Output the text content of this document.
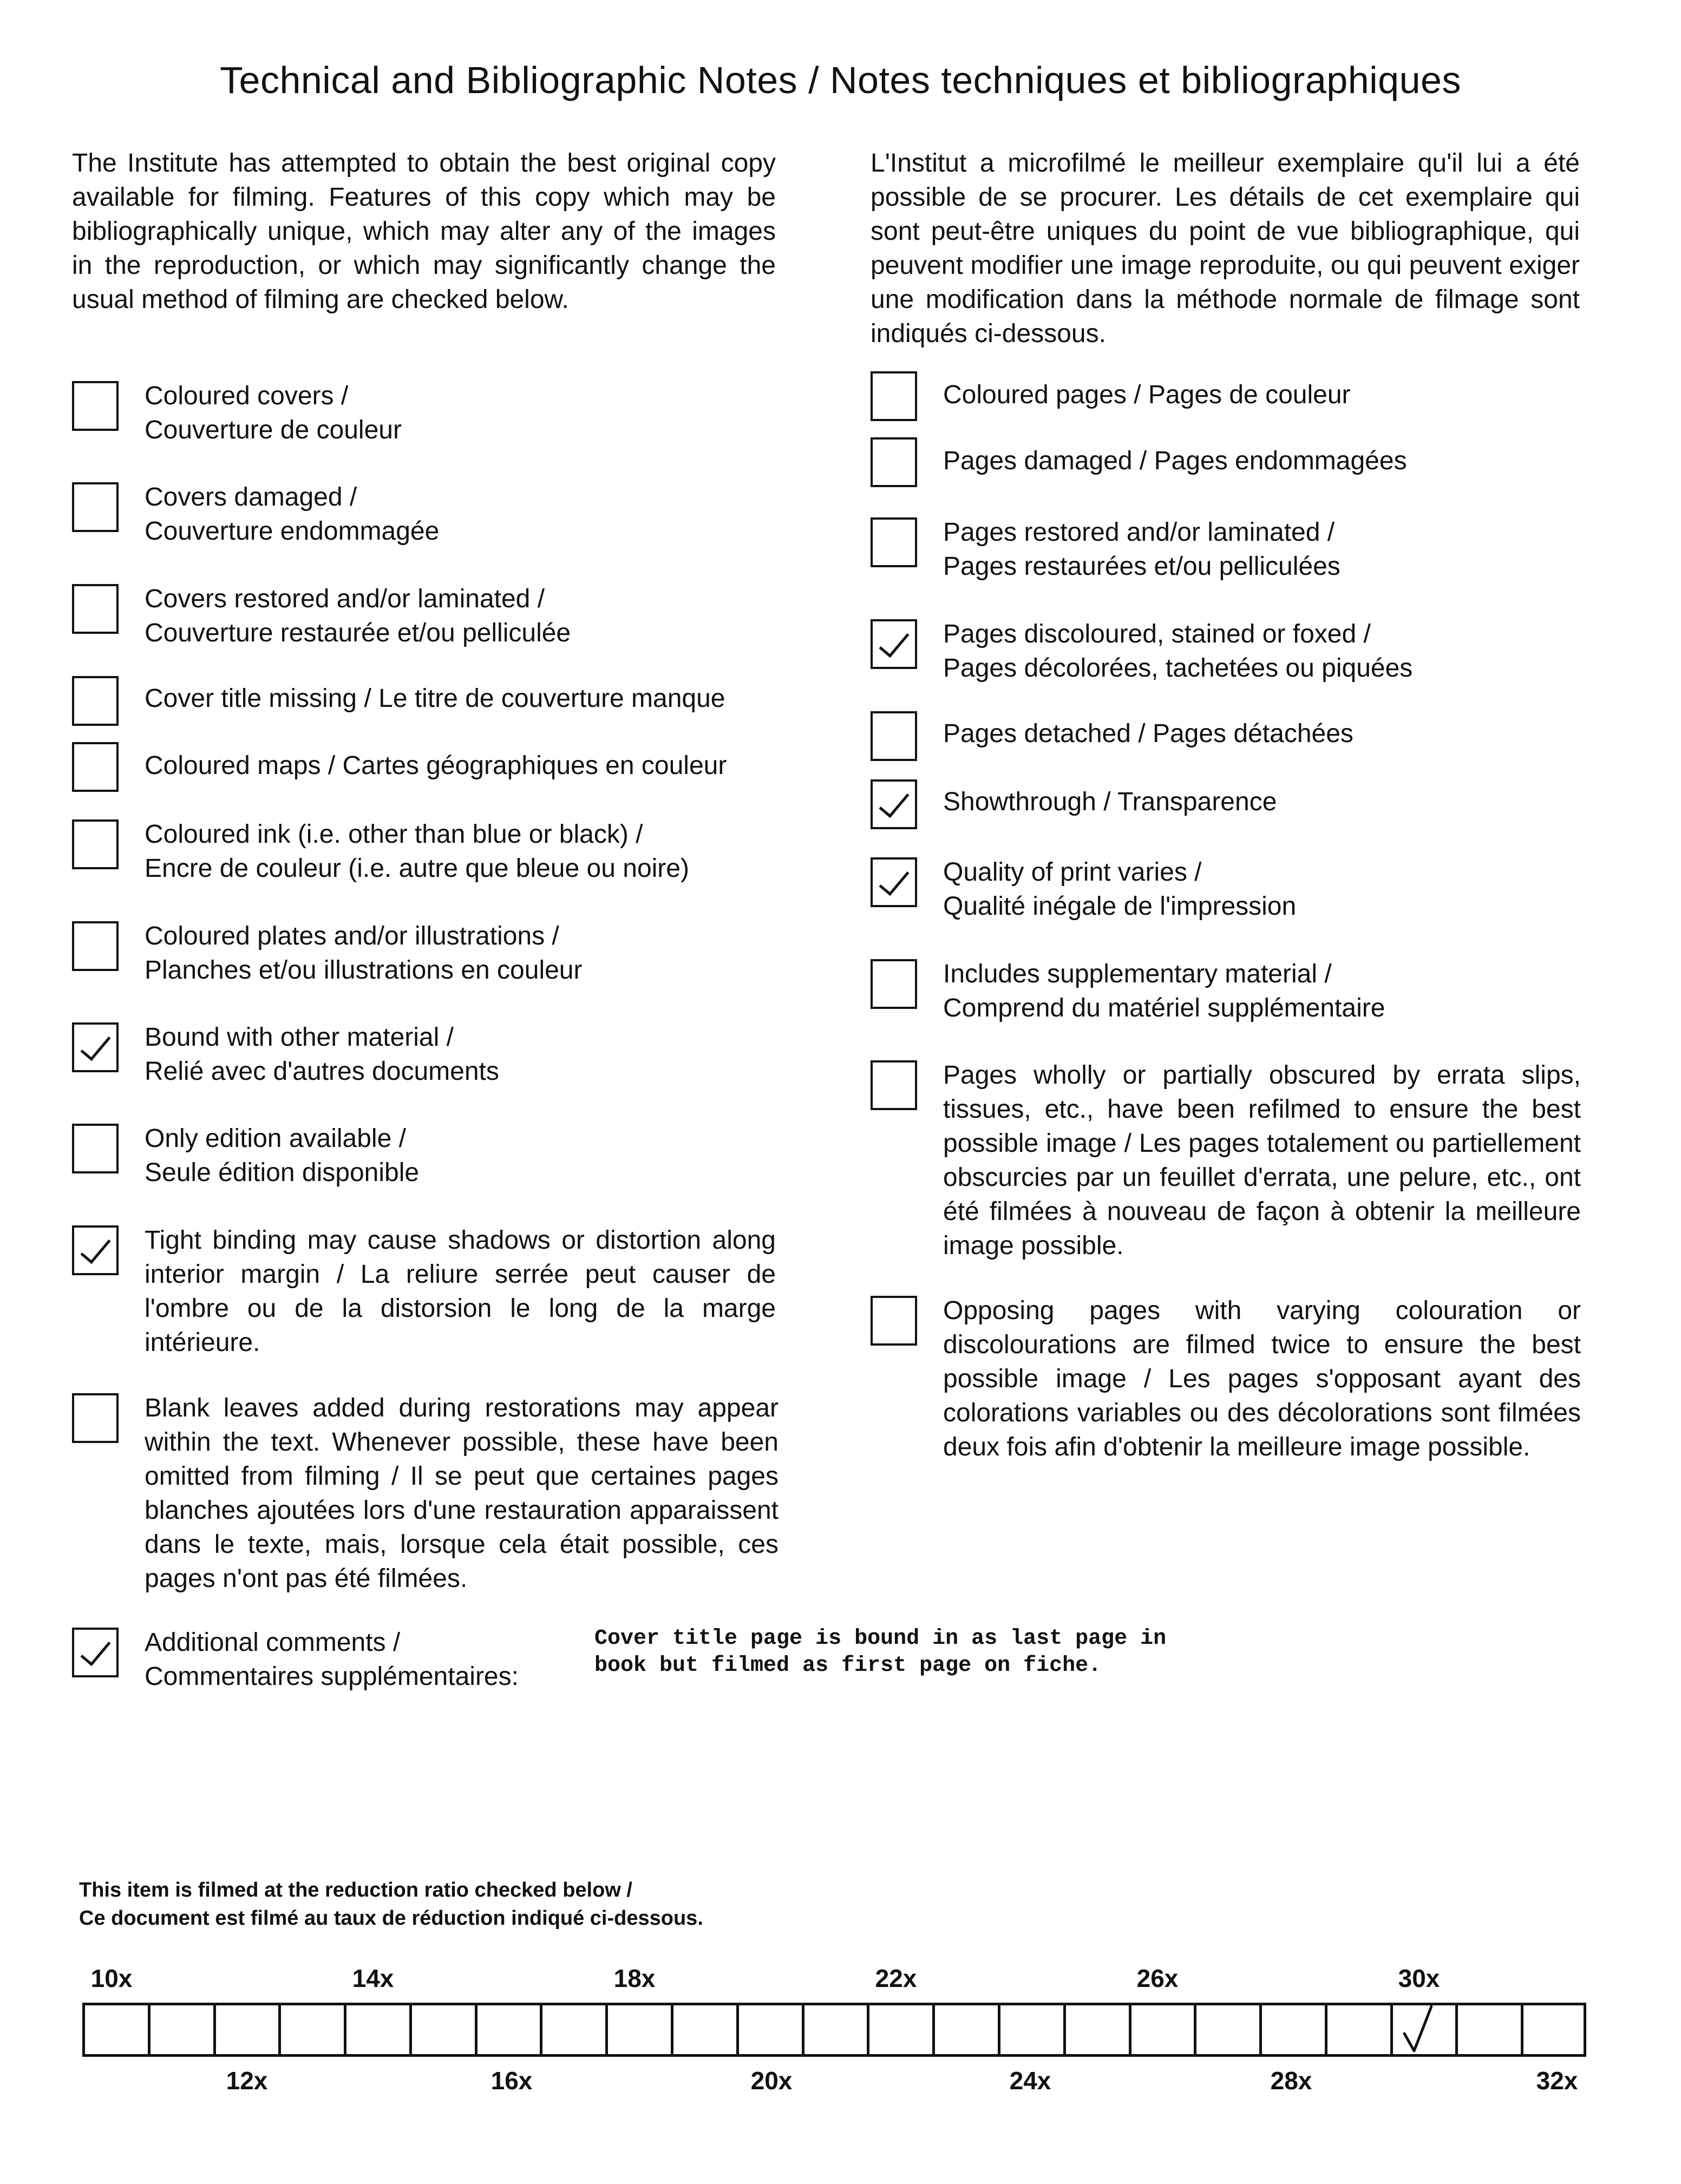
Technical and Bibliographic Notes / Notes techniques et bibliographiques
The Institute has attempted to obtain the best original copy available for filming. Features of this copy which may be bibliographically unique, which may alter any of the images in the reproduction, or which may significantly change the usual method of filming are checked below.
L'Institut a microfilmé le meilleur exemplaire qu'il lui a été possible de se procurer. Les détails de cet exemplaire qui sont peut-être uniques du point de vue bibliographique, qui peuvent modifier une image reproduite, ou qui peuvent exiger une modification dans la méthode normale de filmage sont indiqués ci-dessous.
Coloured covers /
Couverture de couleur
Covers damaged /
Couverture endommagée
Covers restored and/or laminated /
Couverture restaurée et/ou pelliculée
Cover title missing / Le titre de couverture manque
Coloured maps / Cartes géographiques en couleur
Coloured ink (i.e. other than blue or black) /
Encre de couleur (i.e. autre que bleue ou noire)
Coloured plates and/or illustrations /
Planches et/ou illustrations en couleur
Bound with other material /
Relié avec d'autres documents
Only edition available /
Seule édition disponible
Tight binding may cause shadows or distortion along interior margin / La reliure serrée peut causer de l'ombre ou de la distorsion le long de la marge intérieure.
Blank leaves added during restorations may appear within the text. Whenever possible, these have been omitted from filming / Il se peut que certaines pages blanches ajoutées lors d'une restauration apparaissent dans le texte, mais, lorsque cela était possible, ces pages n'ont pas été filmées.
Additional comments /
Commentaires supplémentaires:
Cover title page is bound in as last page in
book but filmed as first page on fiche.
Coloured pages / Pages de couleur
Pages damaged / Pages endommagées
Pages restored and/or laminated /
Pages restaurées et/ou pelliculées
Pages discoloured, stained or foxed /
Pages décolorées, tachetées ou piquées
Pages detached / Pages détachées
Showthrough / Transparence
Quality of print varies /
Qualité inégale de l'impression
Includes supplementary material /
Comprend du matériel supplémentaire
Pages wholly or partially obscured by errata slips, tissues, etc., have been refilmed to ensure the best possible image / Les pages totalement ou partiellement obscurcies par un feuillet d'errata, une pelure, etc., ont été filmées à nouveau de façon à obtenir la meilleure image possible.
Opposing pages with varying colouration or discolourations are filmed twice to ensure the best possible image / Les pages s'opposant ayant des colorations variables ou des décolorations sont filmées deux fois afin d'obtenir la meilleure image possible.
This item is filmed at the reduction ratio checked below /
Ce document est filmé au taux de réduction indiqué ci-dessous.
10x	14x	18x	22x	26x	30x
12x	16x	20x	24x	28x	32x
